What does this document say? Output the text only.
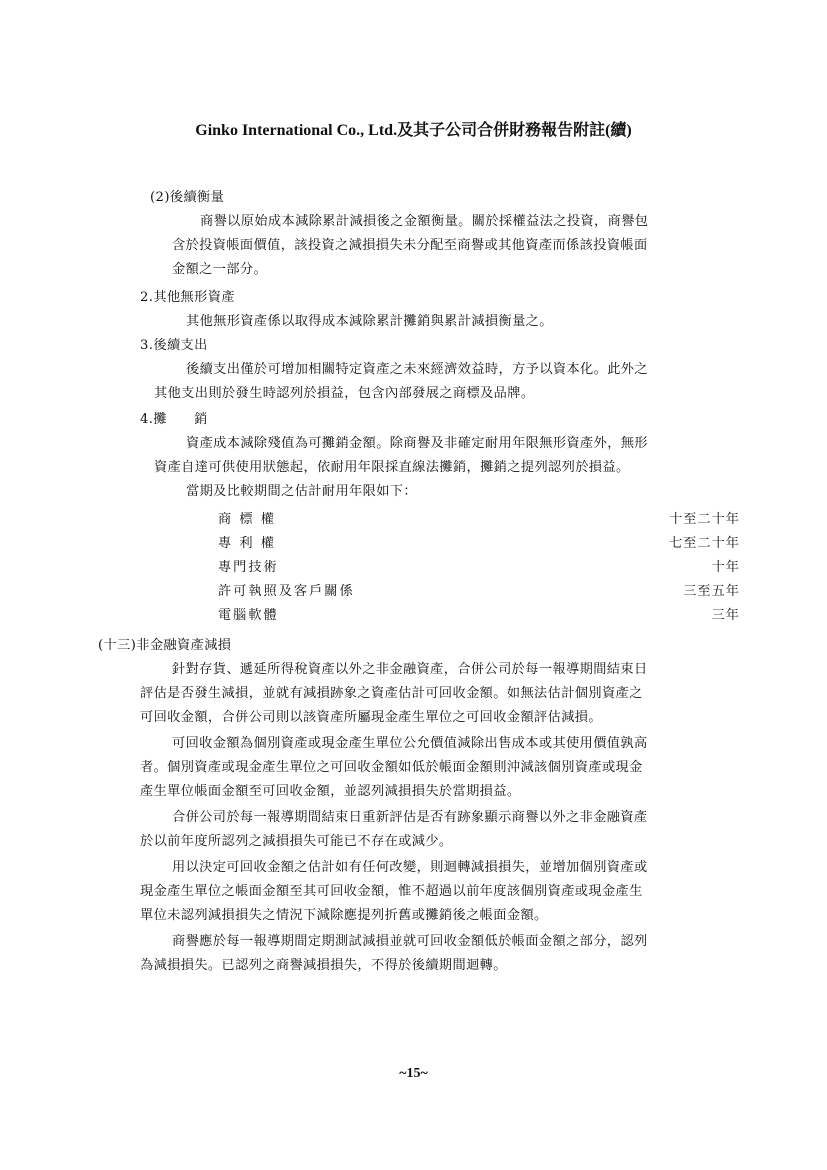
Ginko International Co., Ltd.及其子公司合併財務報告附註(續)
(2)後續衡量
商譽以原始成本減除累計減損後之金額衡量。關於採權益法之投資，商譽包
含於投資帳面價值，該投資之減損損失未分配至商譽或其他資產而係該投資帳面
金額之一部分。
2.其他無形資產
其他無形資產係以取得成本減除累計攤銷與累計減損衡量之。
3.後續支出
後續支出僅於可增加相關特定資產之未來經濟效益時，方予以資本化。此外之
其他支出則於發生時認列於損益，包含內部發展之商標及品牌。
4.攤　　銷
資產成本減除殘值為可攤銷金額。除商譽及非確定耐用年限無形資產外，無形
資產自達可供使用狀態起，依耐用年限採直線法攤銷，攤銷之提列認列於損益。
當期及比較期間之估計耐用年限如下：
商 標 權	十至二十年
專 利 權	七至二十年
專門技術	十年
許可執照及客戶關係	三至五年
電腦軟體	三年
(十三)非金融資產減損
針對存貨、遞延所得稅資產以外之非金融資產，合併公司於每一報導期間結束日
評估是否發生減損，並就有減損跡象之資產估計可回收金額。如無法估計個別資產之
可回收金額，合併公司則以該資產所屬現金產生單位之可回收金額評估減損。
可回收金額為個別資產或現金產生單位公允價值減除出售成本或其使用價值孰高
者。個別資產或現金產生單位之可回收金額如低於帳面金額則沖減該個別資產或現金
產生單位帳面金額至可回收金額，並認列減損損失於當期損益。
合併公司於每一報導期間結束日重新評估是否有跡象顯示商譽以外之非金融資產
於以前年度所認列之減損損失可能已不存在或減少。
用以決定可回收金額之估計如有任何改變，則迴轉減損損失，並增加個別資產或
現金產生單位之帳面金額至其可回收金額，惟不超過以前年度該個別資產或現金產生
單位未認列減損損失之情況下減除應提列折舊或攤銷後之帳面金額。
商譽應於每一報導期間定期測試減損並就可回收金額低於帳面金額之部分，認列
為減損損失。已認列之商譽減損損失，不得於後續期間迴轉。
~15~
